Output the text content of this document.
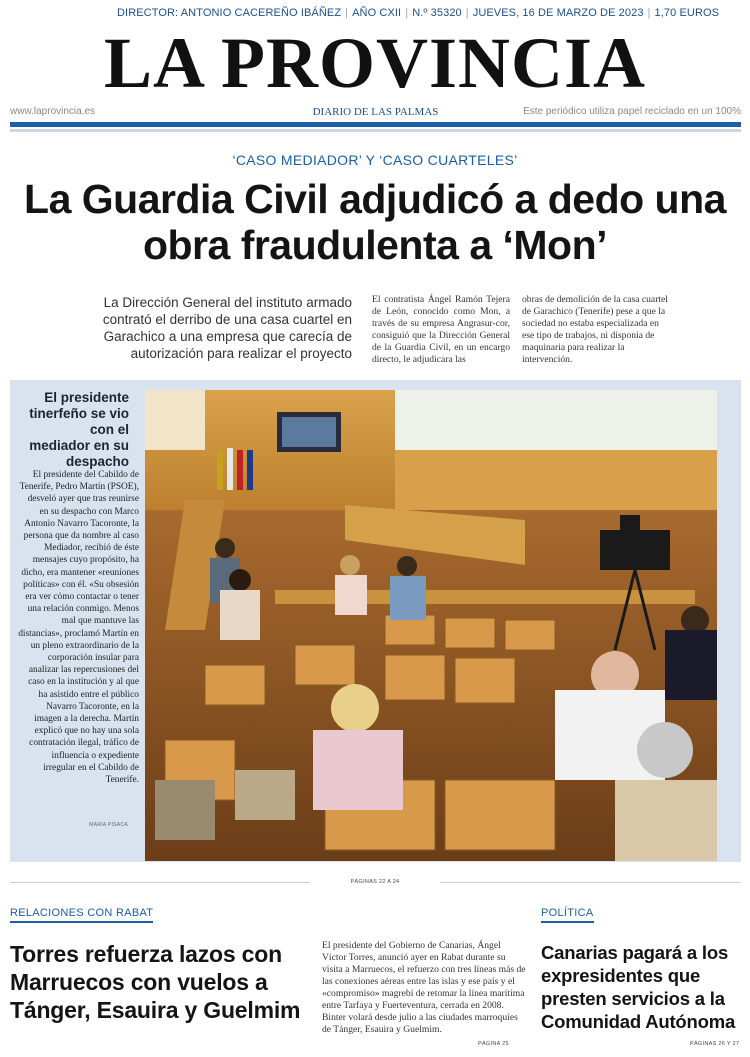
DIRECTOR: ANTONIO CACEREÑO IBÁÑEZ | AÑO CXII | N.º 35320 | JUEVES, 16 DE MARZO DE 2023 | 1,70 EUROS
LA PROVINCIA
www.laprovincia.es	DIARIO DE LAS PALMAS	Este periódico utiliza papel reciclado en un 100%
‘CASO MEDIADOR’ Y ‘CASO CUARTELES’
La Guardia Civil adjudicó a dedo una obra fraudulenta a ‘Mon’

La Dirección General del instituto armado contrató el derribo de una casa cuartel en Garachico a una empresa que carecía de autorización para realizar el proyecto

El contratista Ángel Ramón Tejera de León, conocido como Mon, a través de su empresa Angrasur-cor, consiguió que la Dirección General de la Guardia Civil, en un encargo directo, le adjudicara las

obras de demolición de la casa cuartel de Garachico (Tenerife) pese a que la sociedad no estaba especializada en ese tipo de trabajos, ni disponía de maquinaria para realizar la intervención.

El presidente tinerfeño se vio con el mediador en su despacho

El presidente del Cabildo de Tenerife, Pedro Martín (PSOE), desveló ayer que tras reunirse en su despacho con Marco Antonio Navarro Tacoronte, la persona que da nombre al caso Mediador, recibió de éste mensajes cuyo propósito, ha dicho, era mantener «reuniones políticas» con él. «Su obsesión era ver cómo contactar o tener una relación conmigo. Menos mal que mantuve las distancias», proclamó Martín en un pleno extraordinario de la corporación insular para analizar las repercusiones del caso en la institución y al que ha asistido entre el público Navarro Tacoronte, en la imagen a la derecha. Martín explicó que no hay una sola contratación ilegal, tráfico de influencia o expediente irregular en el Cabildo de Tenerife.

MARÍA PISACA
PÁGINAS 22 A 24
RELACIONES CON RABAT
Torres refuerza lazos con Marruecos con vuelos a Tánger, Esauira y Guelmim

El presidente del Gobierno de Canarias, Ángel Víctor Torres, anunció ayer en Rabat durante su visita a Marruecos, el refuerzo con tres líneas más de las conexiones aéreas entre las islas y ese país y el «compromiso» magrebí de retomar la línea marítima entre Tarfaya y Fuerteventura, cerrada en 2008. Binter volará desde julio a las ciudades marroquíes de Tánger, Esauira y Guelmim.

PÁGINA 25
POLÍTICA
Canarias pagará a los expresidentes que presten servicios a la Comunidad Autónoma
PÁGINAS 26 Y 27
